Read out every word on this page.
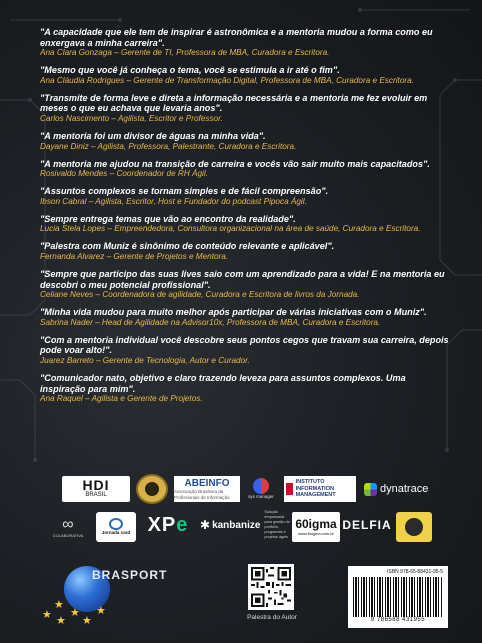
"A capacidade que ele tem de inspirar é astronômica e a mentoria mudou a forma como eu enxergava a minha carreira".

Ana Clara Gonzaga – Gerente de TI, Professora de MBA, Curadora e Escritora.

"Mesmo que você já conheça o tema, você se estimula a ir até o fim".

Ana Cláudia Rodrigues – Gerente de Transformação Digital, Professora de MBA, Curadora e Escritora.

"Transmite de forma leve e direta a informação necessária e a mentoria me fez evoluir em meses o que eu achava que levaria anos".

Carlos Nascimento – Agilista, Escritor e Professor.

"A mentoria foi um divisor de águas na minha vida".

Dayane Diniz – Agilista, Professora, Palestrante, Curadora e Escritora.

"A mentoria me ajudou na transição de carreira e vocês vão sair muito mais capacitados".

Rosivaldo Mendes – Coordenador de RH Ágil.

"Assuntos complexos se tornam simples e de fácil compreensão".

Ibson Cabral – Agilista, Escritor, Host e Fundador do podcast Pipoca Ágil.

"Sempre entrega temas que vão ao encontro da realidade".

Lucia Stela Lopes – Empreendedora, Consultora organizacional na área de saúde, Curadora e Escritora.

"Palestra com Muniz é sinônimo de conteúdo relevante e aplicável".

Fernanda Alvarez – Gerente de Projetos e Mentora.

"Sempre que participo das suas lives saio com um aprendizado para a vida! E na mentoria eu descobri o meu potencial profissional".

Celiane Neves – Coordenadora de agilidade, Curadora e Escritora de livros da Jornada.

"Minha vida mudou para muito melhor após participar de várias iniciativas com o Muniz".

Sabrina Nader – Head de Agilidade na Advisor10x, Professora de MBA, Curadora e Escritora.

"Com a mentoria individual você descobre seus pontos cegos que travam sua carreira, depois pode voar alto!".

Juarez Barreto – Gerente de Tecnologia, Autor e Curador.

"Comunicador nato, objetivo e claro trazendo leveza para assuntos complexos. Uma inspiração para mim".

Ana Raquel – Agilista e Gerente de Projetos.

HDI
BRASIL
ABEINFO
Associação Brasileira de Profissionais de Informação	sys manager
INSTITUTO INFORMATION MANAGEMENT
dynatrace
∞
COLABORATIVA	Jornada card XPe ✱ kanbanize
Solução empresarial para gestão de portfólio, programas e projetos ágeis
60igma
www.6sigma.com.br
DELFIA
BRASPORT
★
★
★
★
★
★
Palestra do Autor
ISBN 978-65-88431-95-5
9 786588 431955
